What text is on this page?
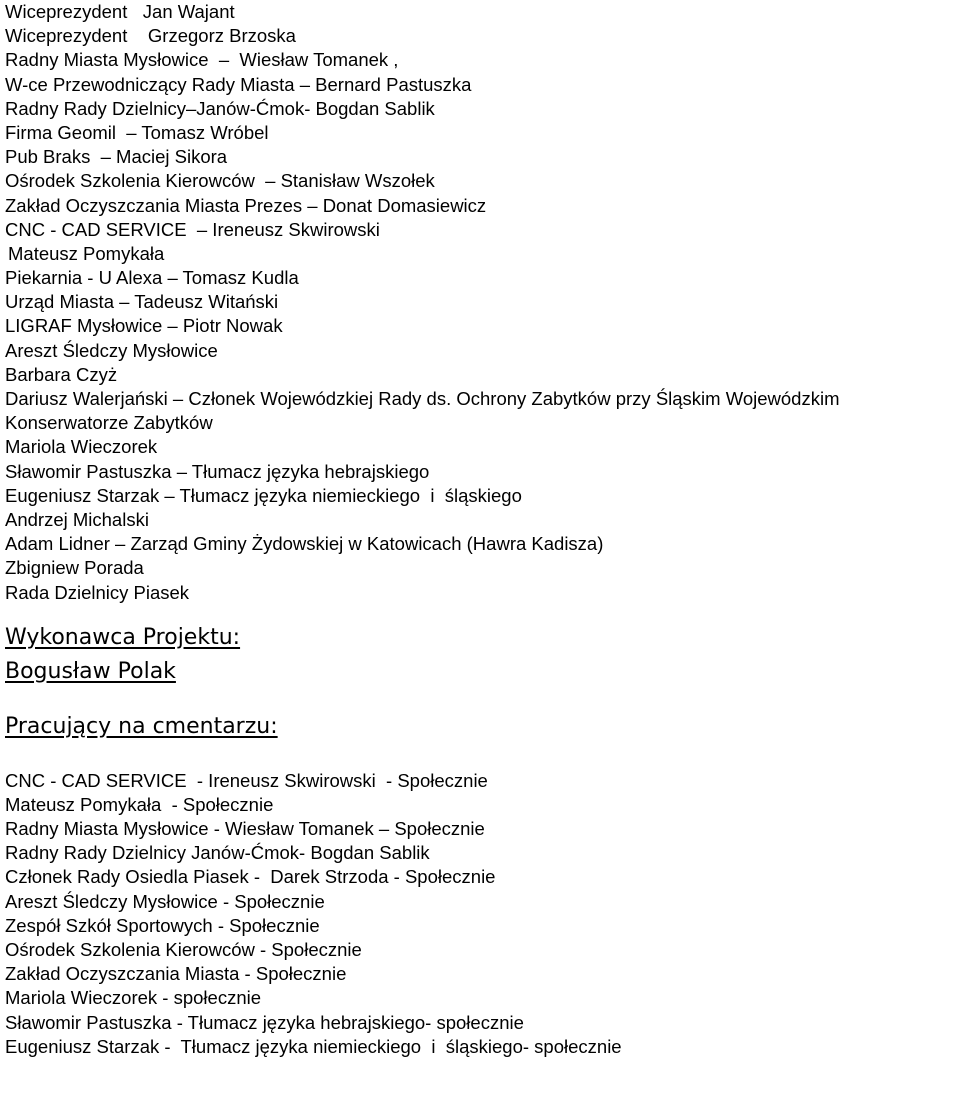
Wiceprezydent   Jan Wajant
Wiceprezydent    Grzegorz Brzoska
Radny Miasta Mysłowice  –  Wiesław Tomanek ,
W-ce Przewodniczący Rady Miasta – Bernard Pastuszka
Radny Rady Dzielnicy–Janów-Ćmok- Bogdan Sablik
Firma Geomil  – Tomasz Wróbel
Pub Braks  – Maciej Sikora
Ośrodek Szkolenia Kierowców  – Stanisław Wszołek
Zakład Oczyszczania Miasta Prezes – Donat Domasiewicz
CNC - CAD SERVICE  – Ireneusz Skwirowski
Mateusz Pomykała
Piekarnia - U Alexa – Tomasz Kudla
Urząd Miasta – Tadeusz Witański
LIGRAF Mysłowice – Piotr Nowak
Areszt Śledczy Mysłowice
Barbara Czyż
Dariusz Walerjański – Członek Wojewódzkiej Rady ds. Ochrony Zabytków przy Śląskim Wojewódzkim
Konserwatorze Zabytków
Mariola Wieczorek
Sławomir Pastuszka – Tłumacz języka hebrajskiego
Eugeniusz Starzak – Tłumacz języka niemieckiego  i  śląskiego
Andrzej Michalski
Adam Lidner – Zarząd Gminy Żydowskiej w Katowicach (Hawra Kadisza)
Zbigniew Porada
Rada Dzielnicy Piasek
Wykonawca Projektu:
Bogusław Polak
Pracujący na cmentarzu:
CNC - CAD SERVICE  - Ireneusz Skwirowski  - Społecznie
Mateusz Pomykała  - Społecznie
Radny Miasta Mysłowice - Wiesław Tomanek – Społecznie
Radny Rady Dzielnicy Janów-Ćmok- Bogdan Sablik
Członek Rady Osiedla Piasek -  Darek Strzoda - Społecznie
Areszt Śledczy Mysłowice - Społecznie
Zespół Szkół Sportowych - Społecznie
Ośrodek Szkolenia Kierowców - Społecznie
Zakład Oczyszczania Miasta - Społecznie
Mariola Wieczorek - społecznie
Sławomir Pastuszka - Tłumacz języka hebrajskiego- społecznie
Eugeniusz Starzak -  Tłumacz języka niemieckiego  i  śląskiego- społecznie
